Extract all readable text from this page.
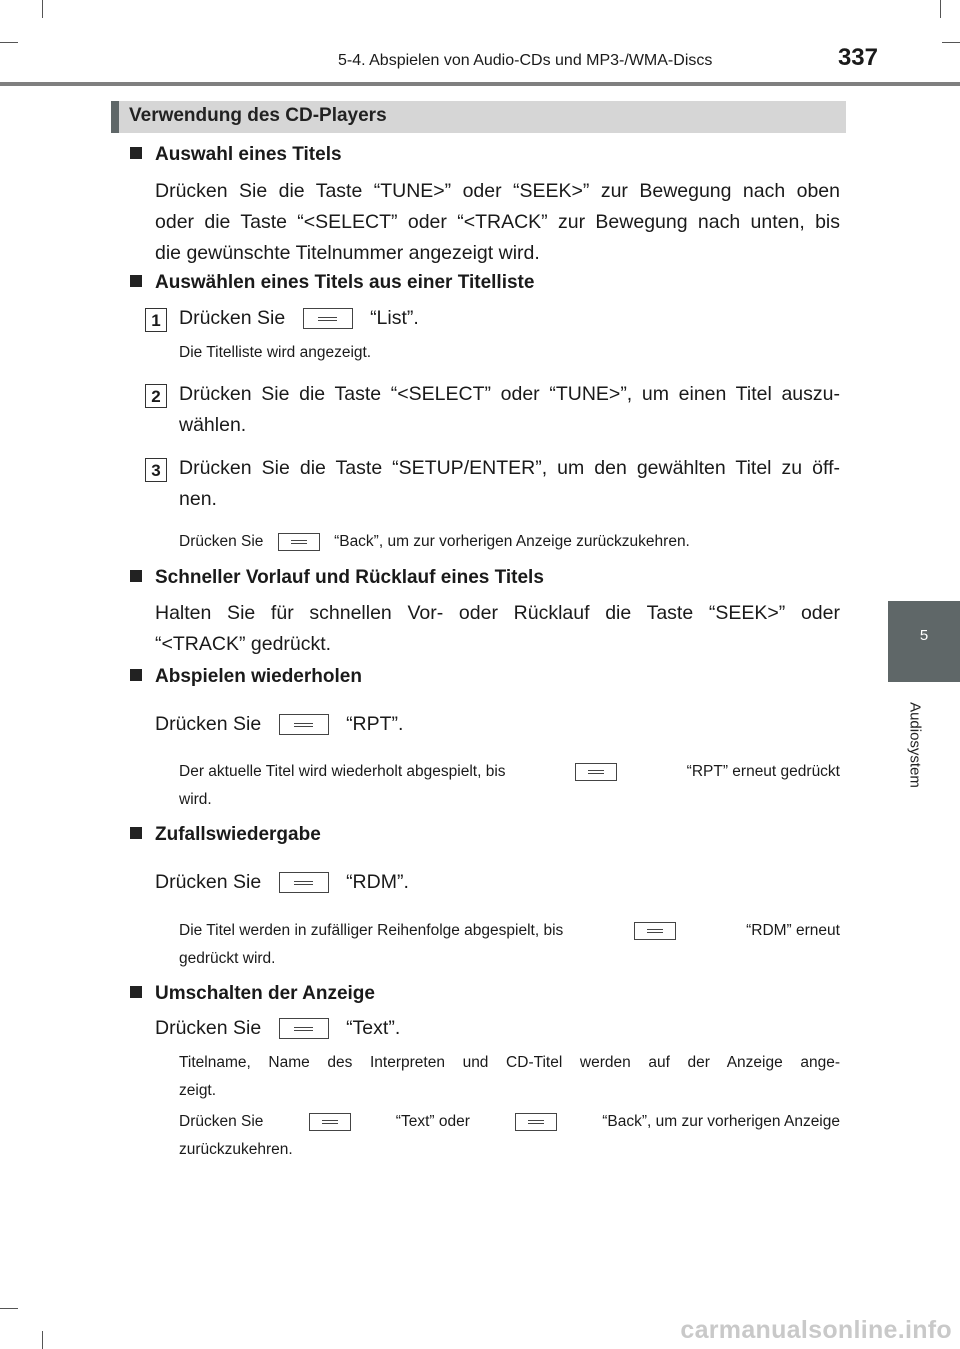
5-4. Abspielen von Audio-CDs und MP3-/WMA-Discs	337
5
Audiosystem
Verwendung des CD-Players
Auswahl eines Titels
Drücken Sie die Taste “TUNE>” oder “SEEK>” zur Bewegung nach oben
oder die Taste “<SELECT” oder “<TRACK” zur Bewegung nach unten, bis
die gewünschte Titelnummer angezeigt wird.
Auswählen eines Titels aus einer Titelliste
1 Drücken Sie	“List”.
Die Titelliste wird angezeigt.
2 Drücken Sie die Taste “<SELECT” oder “TUNE>”, um einen Titel auszu-
wählen.
3 Drücken Sie die Taste “SETUP/ENTER”, um den gewählten Titel zu öff-
nen.
Drücken Sie	“Back”, um zur vorherigen Anzeige zurückzukehren.
Schneller Vorlauf und Rücklauf eines Titels
Halten Sie für schnellen Vor- oder Rücklauf die Taste “SEEK>” oder
“<TRACK” gedrückt.
Abspielen wiederholen
Drücken Sie	“RPT”.
Der aktuelle Titel wird wiederholt abgespielt, bis	“RPT” erneut gedrückt
wird.
Zufallswiedergabe
Drücken Sie	“RDM”.
Die Titel werden in zufälliger Reihenfolge abgespielt, bis	“RDM” erneut
gedrückt wird.
Umschalten der Anzeige
Drücken Sie	“Text”.
Titelname, Name des Interpreten und CD-Titel werden auf der Anzeige ange-
zeigt.
Drücken Sie	“Text” oder	“Back”, um zur vorherigen Anzeige
zurückzukehren.
carmanualsonline.info
